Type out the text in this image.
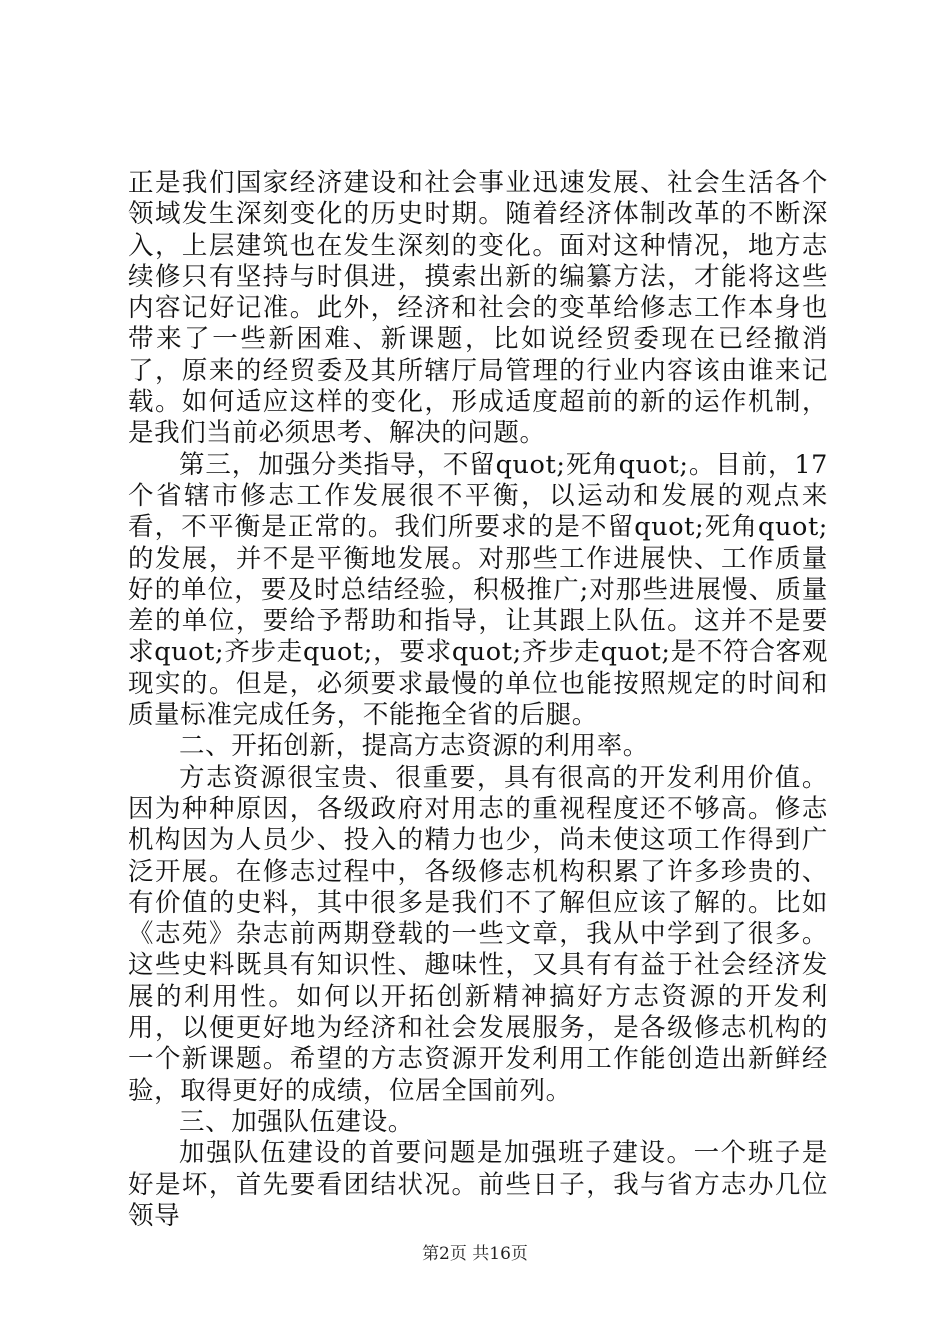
正是我们国家经济建设和社会事业迅速发展、社会生活各个领域发生深刻变化的历史时期。随着经济体制改革的不断深入，上层建筑也在发生深刻的变化。面对这种情况，地方志续修只有坚持与时俱进，摸索出新的编纂方法，才能将这些内容记好记准。此外，经济和社会的变革给修志工作本身也带来了一些新困难、新课题，比如说经贸委现在已经撤消了，原来的经贸委及其所辖厅局管理的行业内容该由谁来记载。如何适应这样的变化，形成适度超前的新的运作机制，是我们当前必须思考、解决的问题。

第三，加强分类指导，不留quot;死角quot;。目前，17个省辖市修志工作发展很不平衡，以运动和发展的观点来看，不平衡是正常的。我们所要求的是不留quot;死角quot;的发展，并不是平衡地发展。对那些工作进展快、工作质量好的单位，要及时总结经验，积极推广;对那些进展慢、质量差的单位，要给予帮助和指导，让其跟上队伍。这并不是要求quot;齐步走quot;，要求quot;齐步走quot;是不符合客观现实的。但是，必须要求最慢的单位也能按照规定的时间和质量标准完成任务，不能拖全省的后腿。

二、开拓创新，提高方志资源的利用率。

方志资源很宝贵、很重要，具有很高的开发利用价值。因为种种原因，各级政府对用志的重视程度还不够高。修志机构因为人员少、投入的精力也少，尚未使这项工作得到广泛开展。在修志过程中，各级修志机构积累了许多珍贵的、有价值的史料，其中很多是我们不了解但应该了解的。比如《志苑》杂志前两期登载的一些文章，我从中学到了很多。这些史料既具有知识性、趣味性，又具有有益于社会经济发展的利用性。如何以开拓创新精神搞好方志资源的开发利用，以便更好地为经济和社会发展服务，是各级修志机构的一个新课题。希望的方志资源开发利用工作能创造出新鲜经验，取得更好的成绩，位居全国前列。

三、加强队伍建设。

加强队伍建设的首要问题是加强班子建设。一个班子是好是坏，首先要看团结状况。前些日子，我与省方志办几位领导

第2页 共16页
